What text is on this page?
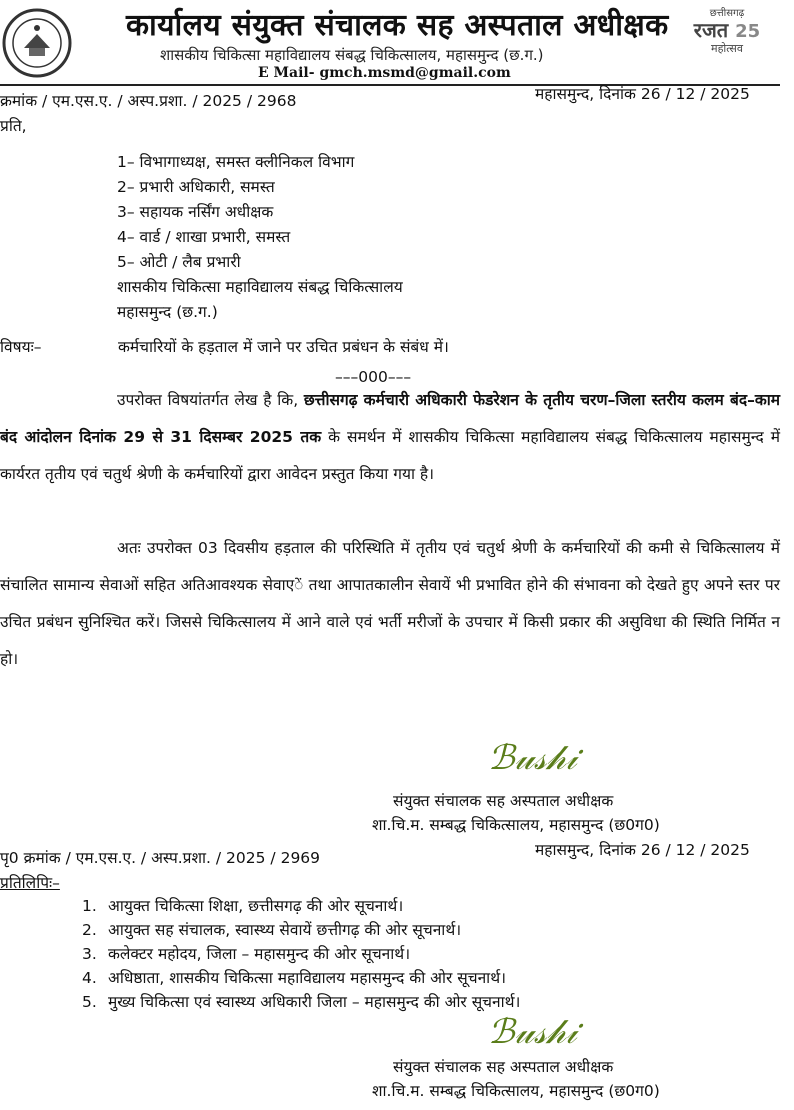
छत्तीसगढ़
रजत 25
महोत्सव
कार्यालय संयुक्त संचालक सह अस्पताल अधीक्षक
शासकीय चिकित्सा महाविद्यालय संबद्ध चिकित्सालय, महासमुन्द (छ.ग.)
E Mail- gmch.msmd@gmail.com
क्रमांक / एम.एस.ए. / अस्प.प्रशा. / 2025 / 2968	महासमुन्द, दिनांक 26 / 12 / 2025
प्रति,
1– विभागाध्यक्ष, समस्त क्लीनिकल विभाग
2– प्रभारी अधिकारी, समस्त
3– सहायक नर्सिंग अधीक्षक
4– वार्ड / शाखा प्रभारी, समस्त
5– ओटी / लैब प्रभारी
शासकीय चिकित्सा महाविद्यालय संबद्ध चिकित्सालय
महासमुन्द (छ.ग.)
विषयः–	कर्मचारियों के हड़ताल में जाने पर उचित प्रबंधन के संबंध में।
–––000–––
उपरोक्त विषयांतर्गत लेख है कि, छत्तीसगढ़ कर्मचारी अधिकारी फेडरेशन के तृतीय चरण–जिला स्तरीय कलम बंद–काम बंद आंदोलन दिनांक 29 से 31 दिसम्बर 2025 तक के समर्थन में शासकीय चिकित्सा महाविद्यालय संबद्ध चिकित्सालय महासमुन्द में कार्यरत तृतीय एवं चतुर्थ श्रेणी के कर्मचारियों द्वारा आवेदन प्रस्तुत किया गया है।
अतः उपरोक्त 03 दिवसीय हड़ताल की परिस्थिति में तृतीय एवं चतुर्थ श्रेणी के कर्मचारियों की कमी से चिकित्सालय में संचालित सामान्य सेवाओं सहित अतिआवश्यक सेवाएें तथा आपातकालीन सेवायें भी प्रभावित होने की संभावना को देखते हुए अपने स्तर पर उचित प्रबंधन सुनिश्चित करें। जिससे चिकित्सालय में आने वाले एवं भर्ती मरीजों के उपचार में किसी प्रकार की असुविधा की स्थिति निर्मित न हो।
ℬ𝓊𝓈𝒽𝒾
संयुक्त संचालक सह अस्पताल अधीक्षक
शा.चि.म. सम्बद्ध चिकित्सालय, महासमुन्द (छ0ग0)
पृ0 क्रमांक / एम.एस.ए. / अस्प.प्रशा. / 2025 / 2969	महासमुन्द, दिनांक 26 / 12 / 2025
प्रतिलिपिः–
1. आयुक्त चिकित्सा शिक्षा, छत्तीसगढ़ की ओर सूचनार्थ।
2. आयुक्त सह संचालक, स्वास्थ्य सेवायें छत्तीगढ़ की ओर सूचनार्थ।
3. कलेक्टर महोदय, जिला – महासमुन्द की ओर सूचनार्थ।
4. अधिष्ठाता, शासकीय चिकित्सा महाविद्यालय महासमुन्द की ओर सूचनार्थ।
5. मुख्य चिकित्सा एवं स्वास्थ्य अधिकारी जिला – महासमुन्द की ओर सूचनार्थ।
ℬ𝓊𝓈𝒽𝒾
संयुक्त संचालक सह अस्पताल अधीक्षक
शा.चि.म. सम्बद्ध चिकित्सालय, महासमुन्द (छ0ग0)
